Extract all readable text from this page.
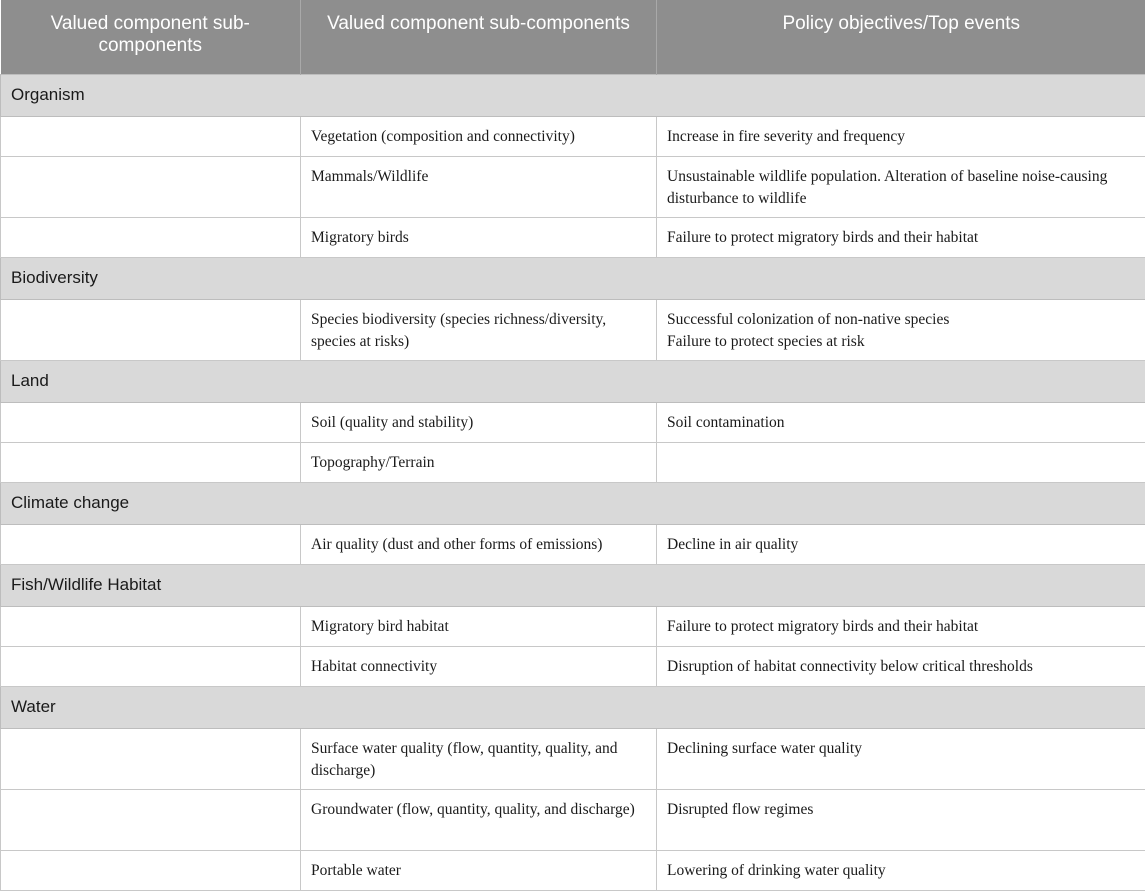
Valued component sub-components	Valued component sub-components	Policy objectives/Top events
Organism		
	Vegetation (composition and connectivity)	Increase in fire severity and frequency

	Mammals/Wildlife	Unsustainable wildlife population. Alteration of baseline noise-causing disturbance to wildlife

	Migratory birds	Failure to protect migratory birds and their habitat

Biodiversity		
	Species biodiversity (species richness/diversity, species at risks)	Successful colonization of non-native species
Failure to protect species at risk

Land		
	Soil (quality and stability)	Soil contamination

	Topography/Terrain	

Climate change		
	Air quality (dust and other forms of emissions)	Decline in air quality

Fish/Wildlife Habitat		
	Migratory bird habitat	Failure to protect migratory birds and their habitat

	Habitat connectivity	Disruption of habitat connectivity below critical thresholds

Water		
	Surface water quality (flow, quantity, quality, and discharge)	Declining surface water quality

	Groundwater (flow, quantity, quality, and discharge)	Disrupted flow regimes

	Portable water	Lowering of drinking water quality
